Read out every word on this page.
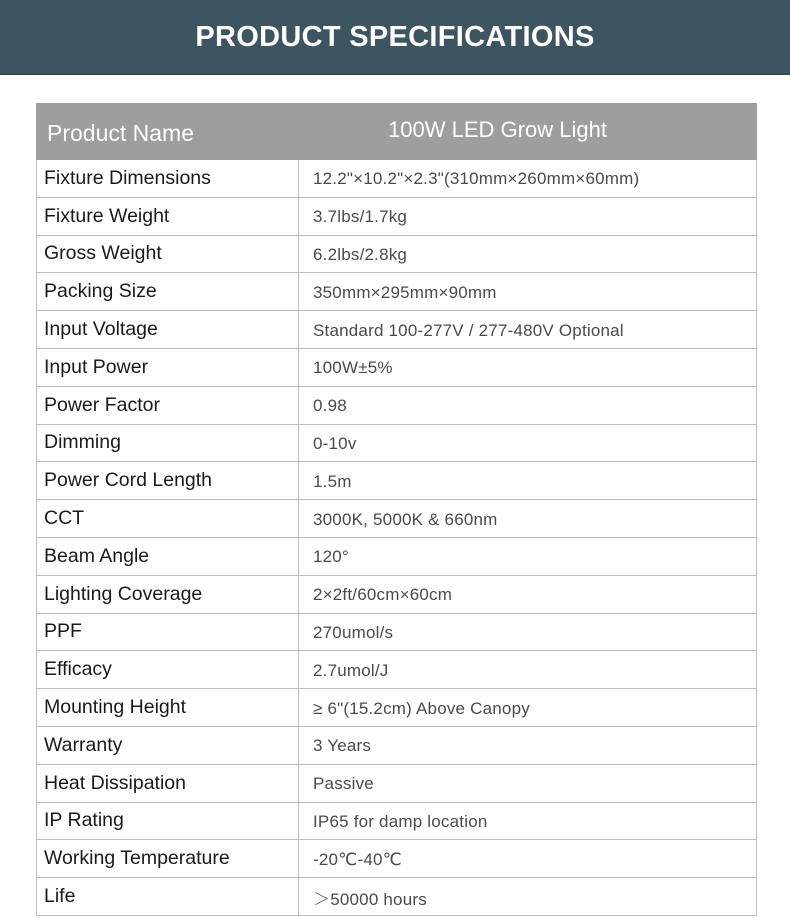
PRODUCT SPECIFICATIONS
Product Name	100W LED Grow Light
Fixture Dimensions	12.2"×10.2"×2.3"(310mm×260mm×60mm)
Fixture Weight	3.7lbs/1.7kg
Gross Weight	6.2lbs/2.8kg
Packing Size	350mm×295mm×90mm
Input Voltage	Standard 100-277V / 277-480V Optional
Input Power	100W±5%
Power Factor	0.98
Dimming	0-10v
Power Cord Length	1.5m
CCT	3000K, 5000K & 660nm
Beam Angle	120°
Lighting Coverage	2×2ft/60cm×60cm
PPF	270umol/s
Efficacy	2.7umol/J
Mounting Height	≥ 6"(15.2cm) Above Canopy
Warranty	3 Years
Heat Dissipation	Passive
IP Rating	IP65 for damp location
Working Temperature	-20℃-40℃
Life	＞50000 hours
